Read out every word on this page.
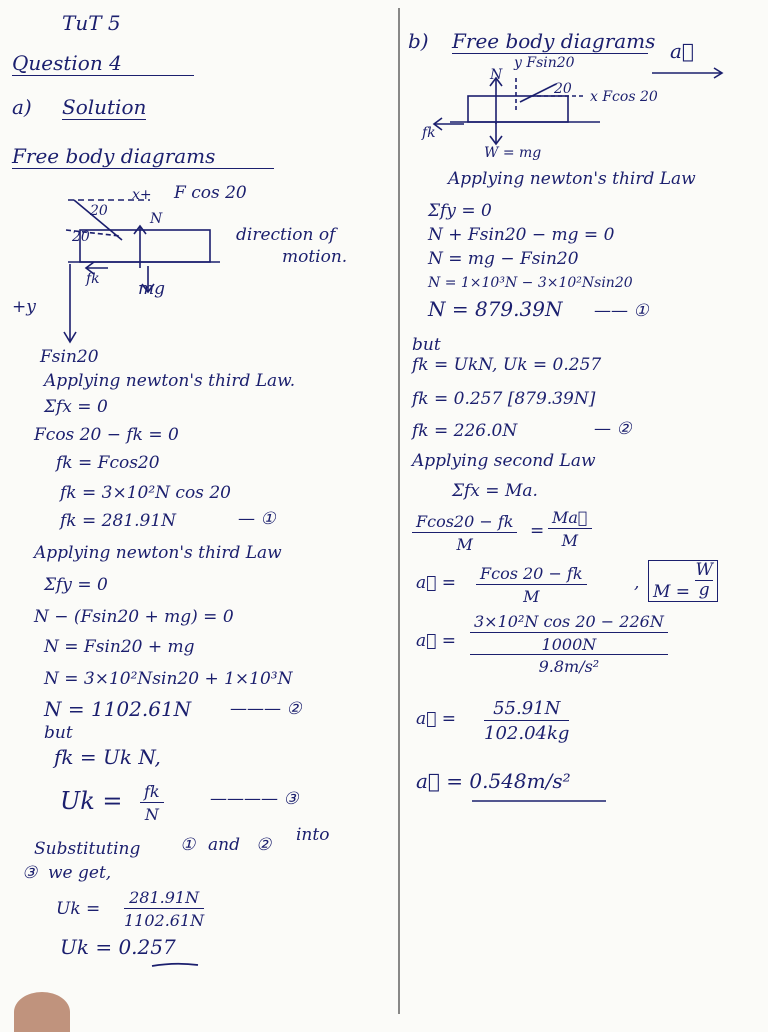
TuT 5
Question 4
a) Solution
Free body diagrams
x+ F cos 20
20
20
N
fk mg
+y
Fsin20
direction of
motion.
Applying newton's third Law.
Σfx = 0
Fcos 20 − fk = 0
fk = Fcos20
fk = 3×10²N cos 20
fk = 281.91N	— ①
Applying newton's third Law
Σfy = 0
N − (Fsin20 + mg) = 0
N = Fsin20 + mg
N = 3×10²Nsin20 + 1×10³N
N = 1102.61N ——— ②
but
fk = Uk N,
$Uk = \frac{fk}{N}$	———— ③
Substituting ① and ② into
③ we get,
$Uk = \frac{281.91N}{1102.61N}$
Uk = 0.257
b) Free body diagrams a⃗
N
y Fsin20
20 x Fcos 20
fk
W = mg
Applying newton's third Law
Σfy = 0
N + Fsin20 − mg = 0
N = mg − Fsin20
N = 1×10³N − 3×10²Nsin20
N = 879.39N —— ①
but
fk = UkN, Uk = 0.257
fk = 0.257 [879.39N]
fk = 226.0N	— ②
Applying second Law
Σfx = Ma.
$\frac{Fcos20 - fk}{M} = \frac{Ma⃗}{M}$
a⃗ = $\frac{Fcos 20 - fk}{M}$	, $M = \frac{W}{g}$
a⃗ =
3×10²N cos 20 − 226N
1000N
9.8m/s²
a⃗ = $\frac{55.91N}{102.04kg}$
a⃗ = 0.548m/s²
